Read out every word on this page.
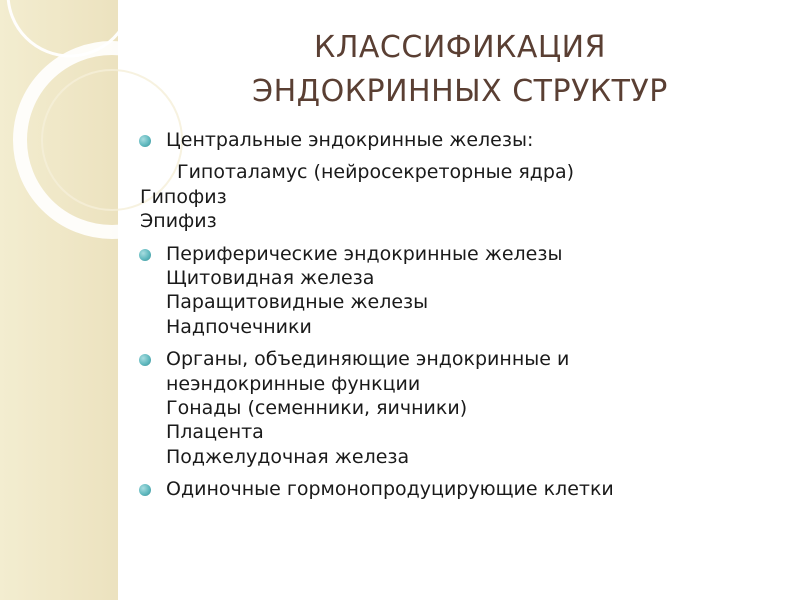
КЛАССИФИКАЦИЯ
ЭНДОКРИННЫХ СТРУКТУР
Центральные эндокринные железы:
Гипоталамус (нейросекреторные ядра)
Гипофиз
Эпифиз
Периферические эндокринные железы
Щитовидная железа
Паращитовидные железы
Надпочечники
Органы, объединяющие эндокринные и
неэндокринные функции
Гонады (семенники, яичники)
Плацента
Поджелудочная железа
Одиночные гормонопродуцирующие клетки
